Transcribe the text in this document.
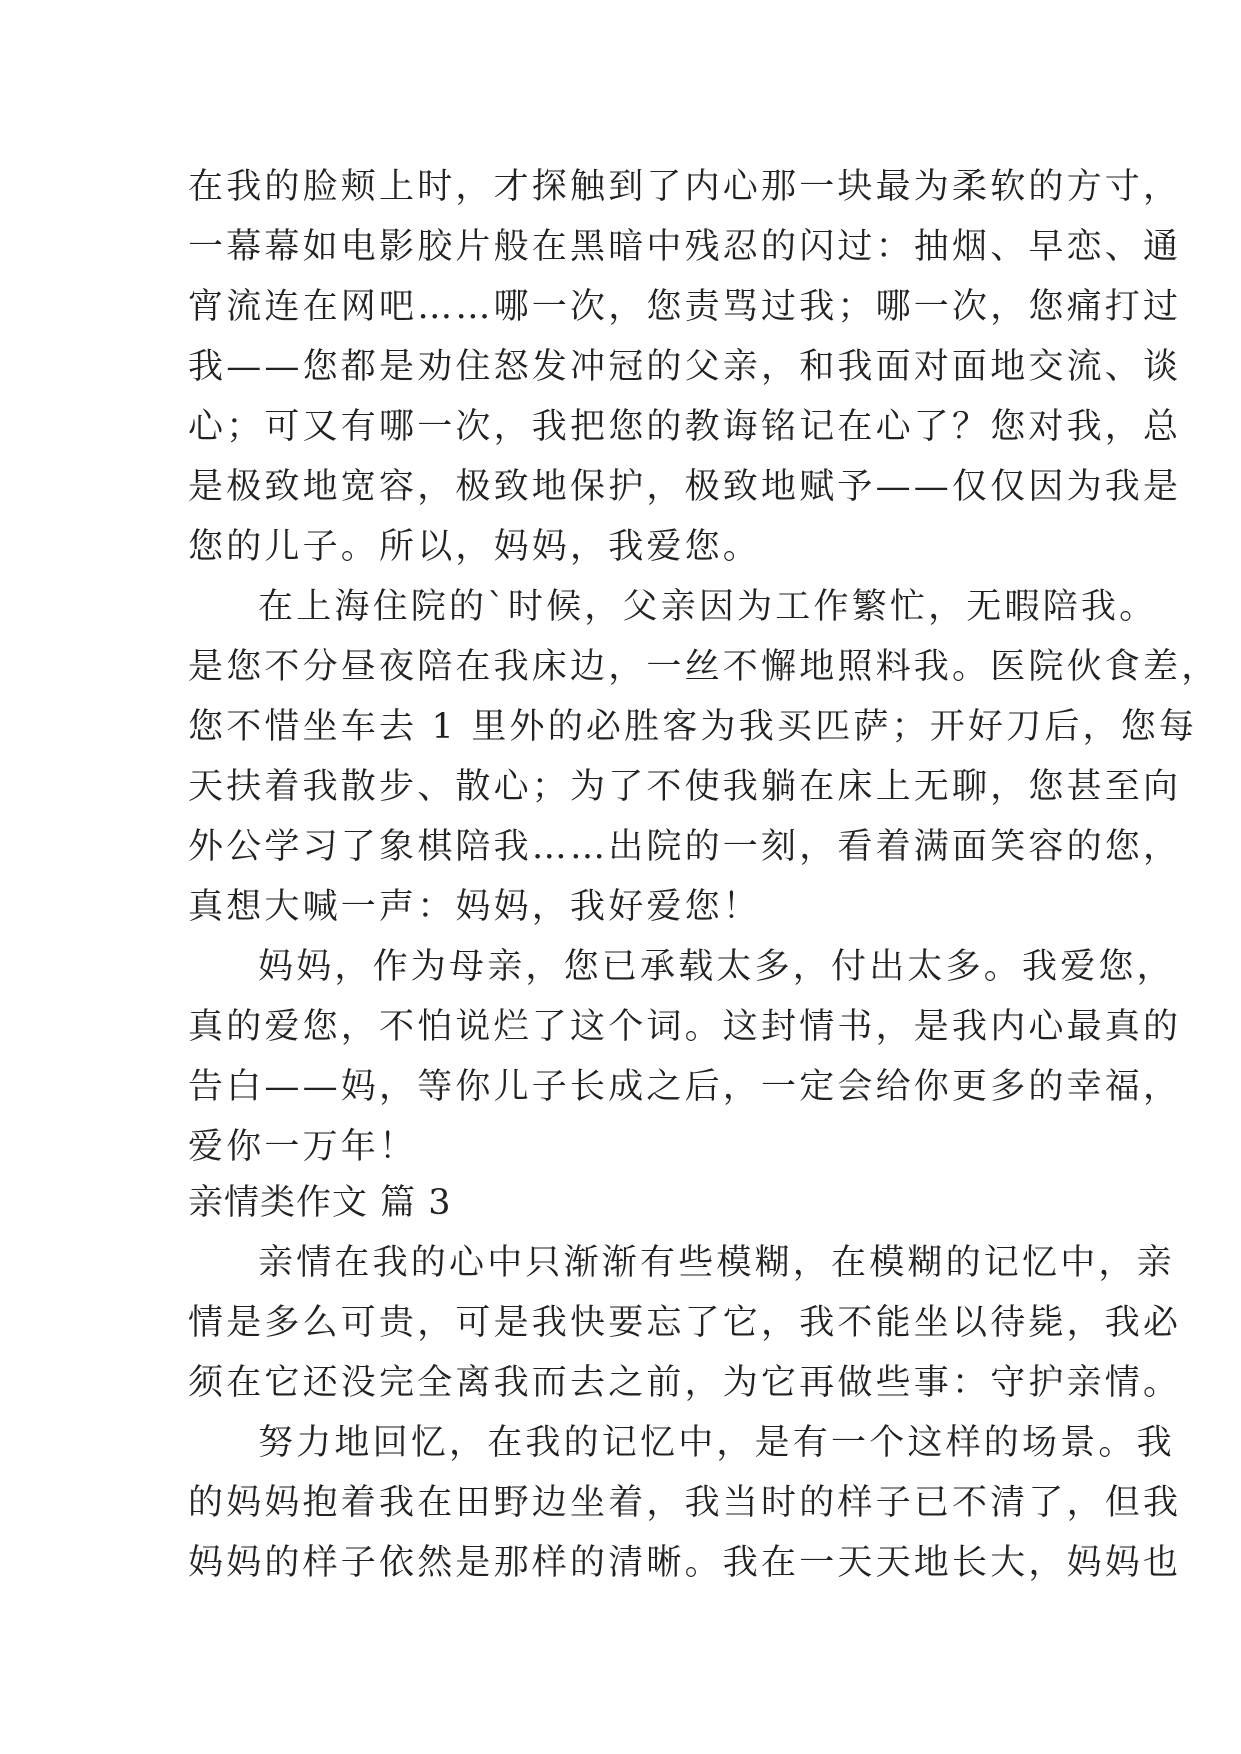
在我的脸颊上时，才探触到了内心那一块最为柔软的方寸，
一幕幕如电影胶片般在黑暗中残忍的闪过：抽烟、早恋、通
宵流连在网吧……哪一次，您责骂过我；哪一次，您痛打过
我——您都是劝住怒发冲冠的父亲，和我面对面地交流、谈
心；可又有哪一次，我把您的教诲铭记在心了？您对我，总
是极致地宽容，极致地保护，极致地赋予——仅仅因为我是
您的儿子。所以，妈妈，我爱您。
在上海住院的`时候，父亲因为工作繁忙，无暇陪我。
是您不分昼夜陪在我床边，一丝不懈地照料我。医院伙食差，
您不惜坐车去 1 里外的必胜客为我买匹萨；开好刀后，您每
天扶着我散步、散心；为了不使我躺在床上无聊，您甚至向
外公学习了象棋陪我……出院的一刻，看着满面笑容的您，
真想大喊一声：妈妈，我好爱您！
妈妈，作为母亲，您已承载太多，付出太多。我爱您，
真的爱您，不怕说烂了这个词。这封情书，是我内心最真的
告白——妈，等你儿子长成之后，一定会给你更多的幸福，
爱你一万年！
亲情类作文 篇 3
亲情在我的心中只渐渐有些模糊，在模糊的记忆中，亲
情是多么可贵，可是我快要忘了它，我不能坐以待毙，我必
须在它还没完全离我而去之前，为它再做些事：守护亲情。
努力地回忆，在我的记忆中，是有一个这样的场景。我
的妈妈抱着我在田野边坐着，我当时的样子已不清了，但我
妈妈的样子依然是那样的清晰。我在一天天地长大，妈妈也
